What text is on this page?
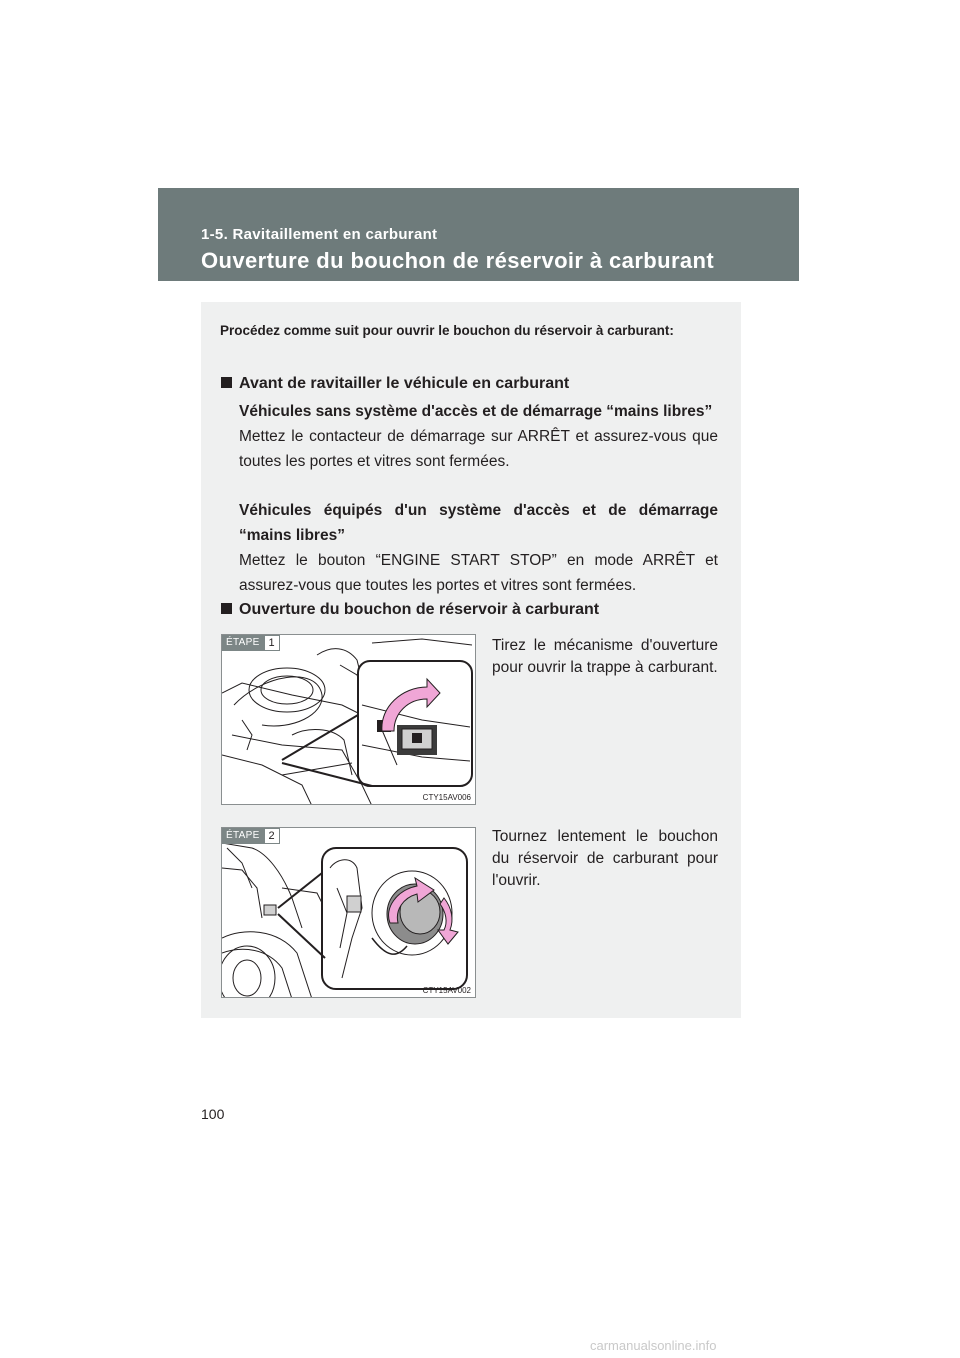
1-5. Ravitaillement en carburant
Ouverture du bouchon de réservoir à carburant
Procédez comme suit pour ouvrir le bouchon du réservoir à carburant:
Avant de ravitailler le véhicule en carburant
Véhicules sans système d'accès et de démarrage “mains libres”
Mettez le contacteur de démarrage sur ARRÊT et assurez-vous que toutes les portes et vitres sont fermées.
Véhicules équipés d'un système d'accès et de démarrage “mains libres”
Mettez le bouton “ENGINE START STOP” en mode ARRÊT et assurez-vous que toutes les portes et vitres sont fermées.
Ouverture du bouchon de réservoir à carburant
ÉTAPE 1
CTY15AV006
Tirez le mécanisme d'ouverture pour ouvrir la trappe à carburant.
ÉTAPE 2
CTY15AV002
Tournez lentement le bouchon du réservoir de carburant pour l'ouvrir.
100
carmanualsonline.info
